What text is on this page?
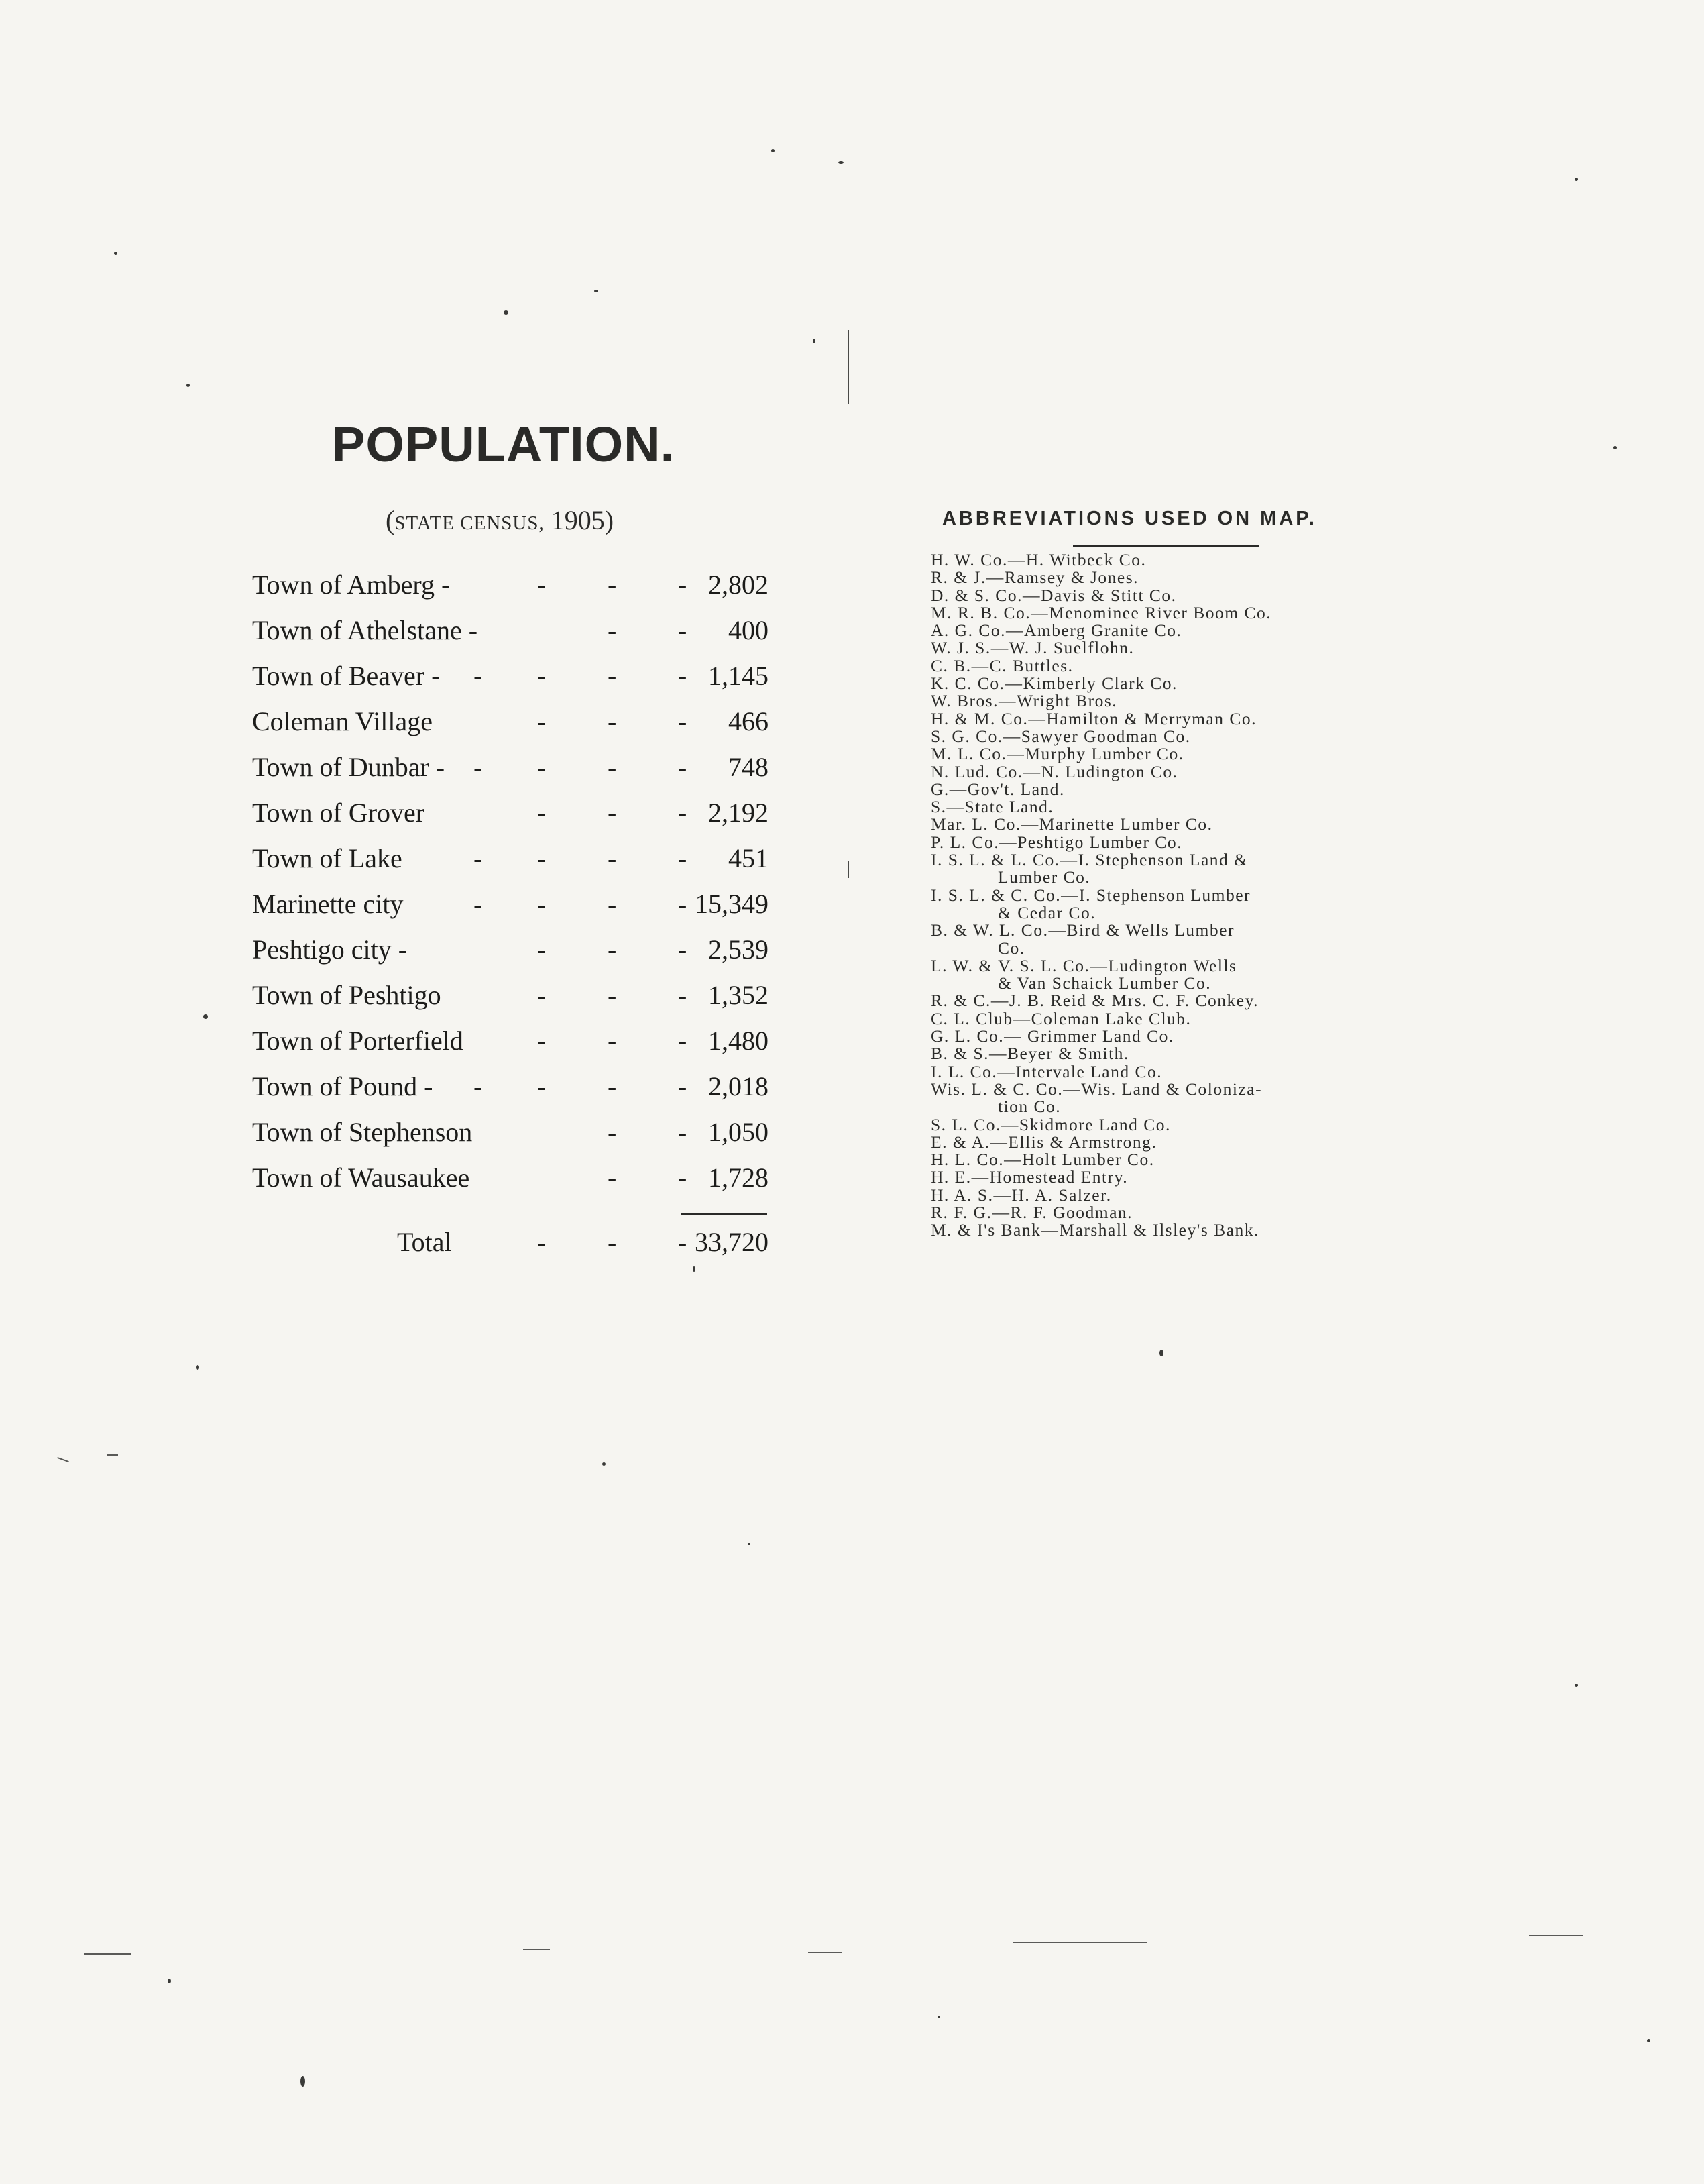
POPULATION.
(STATE CENSUS, 1905)
Town of Amberg -	- - - 2,802
Town of Athelstane -	- - 400
Town of Beaver - - - - - 1,145
Coleman Village	- - - 466
Town of Dunbar - - - - - 748
Town of Grover	- - - 2,192
Town of Lake	- - - - 451
Marinette city	- - - - 15,349
Peshtigo city -	- - - 2,539
Town of Peshtigo	- - - 1,352
Town of Porterfield	- - - 1,480
Town of Pound - - - - - 2,018
Town of Stephenson	- - 1,050
Town of Wausaukee	- - 1,728
Total	- - - 33,720
ABBREVIATIONS USED ON MAP.
H. W. Co.—H. Witbeck Co.
R. & J.—Ramsey & Jones.
D. & S. Co.—Davis & Stitt Co.
M. R. B. Co.—Menominee River Boom Co.
A. G. Co.—Amberg Granite Co.
W. J. S.—W. J. Suelflohn.
C. B.—C. Buttles.
K. C. Co.—Kimberly Clark Co.
W. Bros.—Wright Bros.
H. & M. Co.—Hamilton & Merryman Co.
S. G. Co.—Sawyer Goodman Co.
M. L. Co.—Murphy Lumber Co.
N. Lud. Co.—N. Ludington Co.
G.—Gov't. Land.
S.—State Land.
Mar. L. Co.—Marinette Lumber Co.
P. L. Co.—Peshtigo Lumber Co.
I. S. L. & L. Co.—I. Stephenson Land &
Lumber Co.
I. S. L. & C. Co.—I. Stephenson Lumber
& Cedar Co.
B. & W. L. Co.—Bird & Wells Lumber
Co.
L. W. & V. S. L. Co.—Ludington Wells
& Van Schaick Lumber Co.
R. & C.—J. B. Reid & Mrs. C. F. Conkey.
C. L. Club—Coleman Lake Club.
G. L. Co.— Grimmer Land Co.
B. & S.—Beyer & Smith.
I. L. Co.—Intervale Land Co.
Wis. L. & C. Co.—Wis. Land & Coloniza-
tion Co.
S. L. Co.—Skidmore Land Co.
E. & A.—Ellis & Armstrong.
H. L. Co.—Holt Lumber Co.
H. E.—Homestead Entry.
H. A. S.—H. A. Salzer.
R. F. G.—R. F. Goodman.
M. & I's Bank—Marshall & Ilsley's Bank.
